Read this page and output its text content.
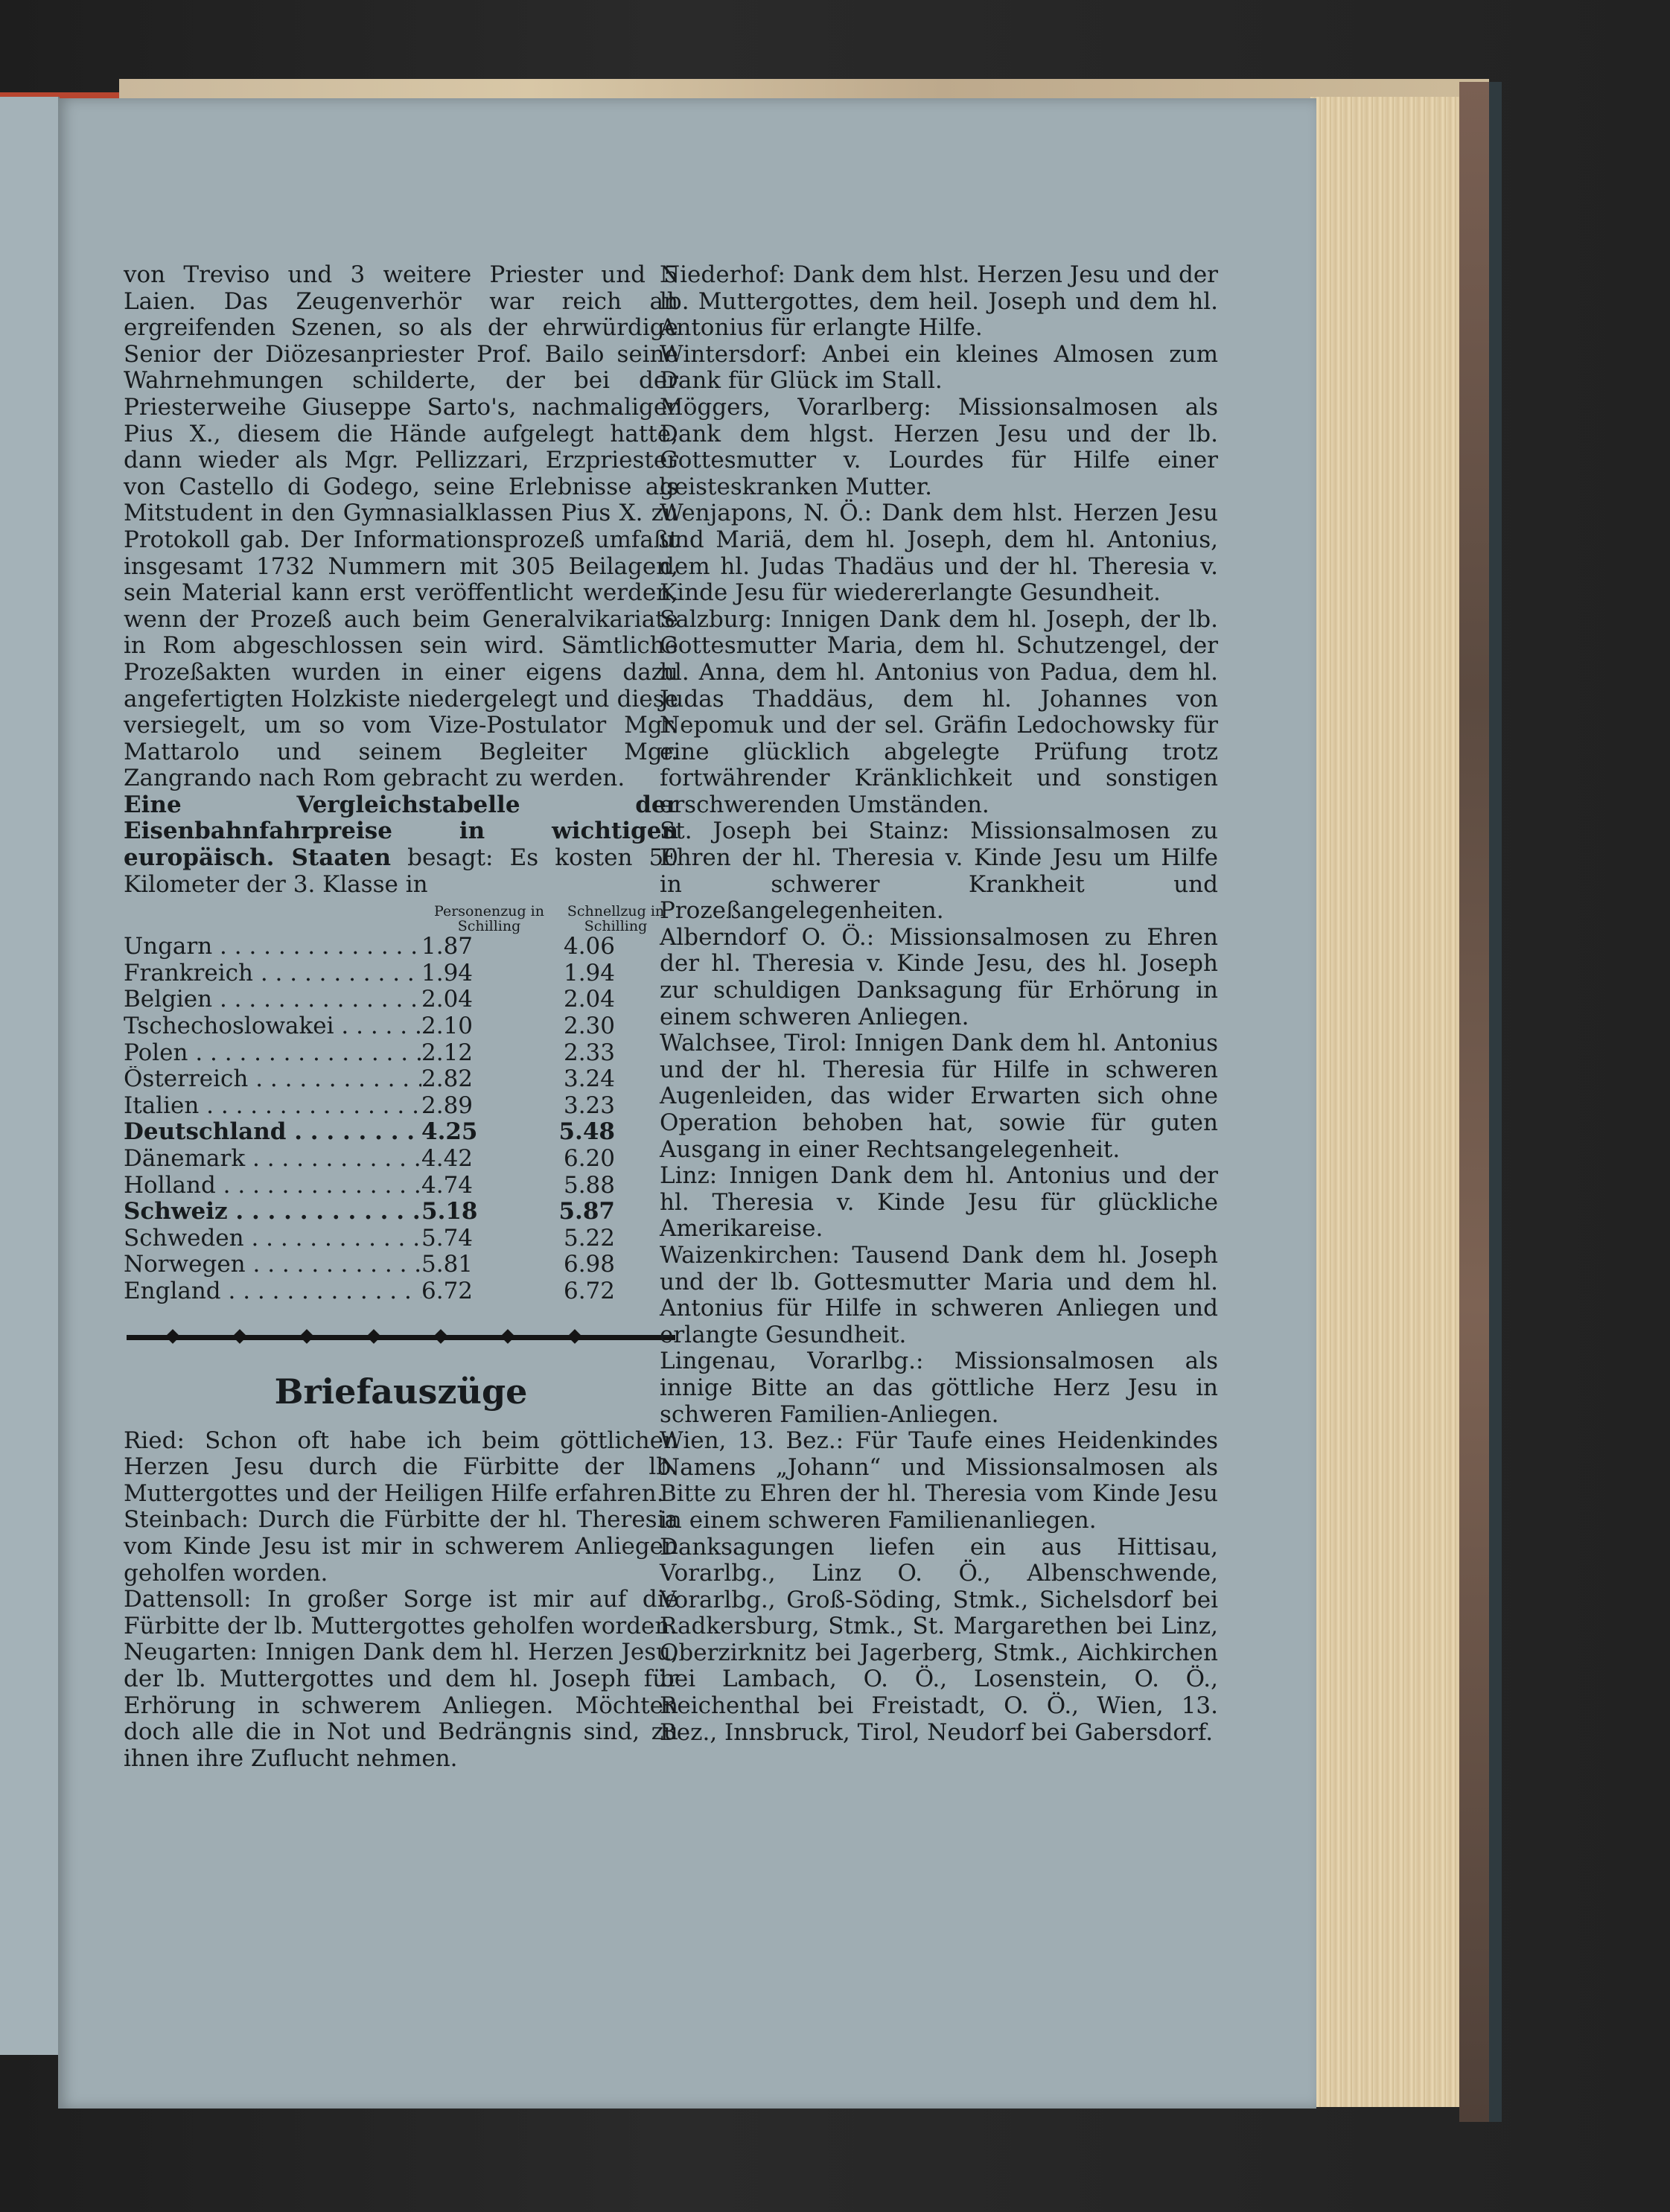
von Treviso und 3 weitere Priester und 5 Laien. Das Zeugenverhör war reich an ergreifenden Szenen, so als der ehrwürdige Senior der Diözesanpriester Prof. Bailo seine Wahrnehmungen schilderte, der bei der Priesterweihe Giuseppe Sarto's, nachmaliger Pius X., diesem die Hände aufgelegt hatte, dann wieder als Mgr. Pellizzari, Erzpriester von Castello di Godego, seine Erlebnisse als Mitstudent in den Gymnasialklassen Pius X. zu Protokoll gab. Der Informationsprozeß umfaßt insgesamt 1732 Nummern mit 305 Beilagen, sein Material kann erst veröffentlicht werden, wenn der Prozeß auch beim Generalvikariate in Rom abgeschlossen sein wird. Sämtliche Prozeßakten wurden in einer eigens dazu angefertigten Holzkiste niedergelegt und diese versiegelt, um so vom Vize-Postulator Mgr. Mattarolo und seinem Begleiter Mgr. Zangrando nach Rom gebracht zu werden.

Eine Vergleichstabelle der Eisenbahnfahrpreise in wichtigen europäisch. Staaten besagt: Es kosten 50 Kilometer der 3. Klasse in

Personenzug in Schilling
Schnellzug in Schilling
Ungarn . . .	1.87	4.06
Frankreich . . .	1.94	1.94
Belgien . . .	2.04	2.04
Tschechoslowakei . . .	2.10	2.30
Polen . . .	2.12	2.33
Österreich . . .	2.82	3.24
Italien . . .	2.89	3.23
Deutschland . . .	4.25	5.48
Dänemark . . .	4.42	6.20
Holland . . .	4.74	5.88
Schweiz . . .	5.18	5.87
Schweden . . .	5.74	5.22
Norwegen . . .	5.81	6.98
England . . .	6.72	6.72
Briefauszüge

Ried: Schon oft habe ich beim göttlichen Herzen Jesu durch die Fürbitte der lb. Muttergottes und der Heiligen Hilfe erfahren.

Steinbach: Durch die Fürbitte der hl. Theresia vom Kinde Jesu ist mir in schwerem Anliegen geholfen worden.

Dattensoll: In großer Sorge ist mir auf die Fürbitte der lb. Muttergottes geholfen worden.

Neugarten: Innigen Dank dem hl. Herzen Jesu, der lb. Muttergottes und dem hl. Joseph für Erhörung in schwerem Anliegen. Möchten doch alle die in Not und Bedrängnis sind, zu ihnen ihre Zuflucht nehmen.

Niederhof: Dank dem hlst. Herzen Jesu und der lb. Muttergottes, dem heil. Joseph und dem hl. Antonius für erlangte Hilfe.

Wintersdorf: Anbei ein kleines Almosen zum Dank für Glück im Stall.

Möggers, Vorarlberg: Missionsalmosen als Dank dem hlgst. Herzen Jesu und der lb. Gottesmutter v. Lourdes für Hilfe einer geisteskranken Mutter.

Wenjapons, N. Ö.: Dank dem hlst. Herzen Jesu und Mariä, dem hl. Joseph, dem hl. Antonius, dem hl. Judas Thadäus und der hl. Theresia v. Kinde Jesu für wiedererlangte Gesundheit.

Salzburg: Innigen Dank dem hl. Joseph, der lb. Gottesmutter Maria, dem hl. Schutzengel, der hl. Anna, dem hl. Antonius von Padua, dem hl. Judas Thaddäus, dem hl. Johannes von Nepomuk und der sel. Gräfin Ledochowsky für eine glücklich abgelegte Prüfung trotz fortwährender Kränklichkeit und sonstigen erschwerenden Umständen.

St. Joseph bei Stainz: Missionsalmosen zu Ehren der hl. Theresia v. Kinde Jesu um Hilfe in schwerer Krankheit und Prozeßangelegenheiten.

Alberndorf O. Ö.: Missionsalmosen zu Ehren der hl. Theresia v. Kinde Jesu, des hl. Joseph zur schuldigen Danksagung für Erhörung in einem schweren Anliegen.

Walchsee, Tirol: Innigen Dank dem hl. Antonius und der hl. Theresia für Hilfe in schweren Augenleiden, das wider Erwarten sich ohne Operation behoben hat, sowie für guten Ausgang in einer Rechtsangelegenheit.

Linz: Innigen Dank dem hl. Antonius und der hl. Theresia v. Kinde Jesu für glückliche Amerikareise.

Waizenkirchen: Tausend Dank dem hl. Joseph und der lb. Gottesmutter Maria und dem hl. Antonius für Hilfe in schweren Anliegen und erlangte Gesundheit.

Lingenau, Vorarlbg.: Missionsalmosen als innige Bitte an das göttliche Herz Jesu in schweren Familien-Anliegen.

Wien, 13. Bez.: Für Taufe eines Heidenkindes Namens „Johann“ und Missionsalmosen als Bitte zu Ehren der hl. Theresia vom Kinde Jesu in einem schweren Familienanliegen.

Danksagungen liefen ein aus Hittisau, Vorarlbg., Linz O. Ö., Albenschwende, Vorarlbg., Groß-Söding, Stmk., Sichelsdorf bei Radkersburg, Stmk., St. Margarethen bei Linz, Oberzirknitz bei Jagerberg, Stmk., Aichkirchen bei Lambach, O. Ö., Losenstein, O. Ö., Reichenthal bei Freistadt, O. Ö., Wien, 13. Bez., Innsbruck, Tirol, Neudorf bei Gabersdorf.
